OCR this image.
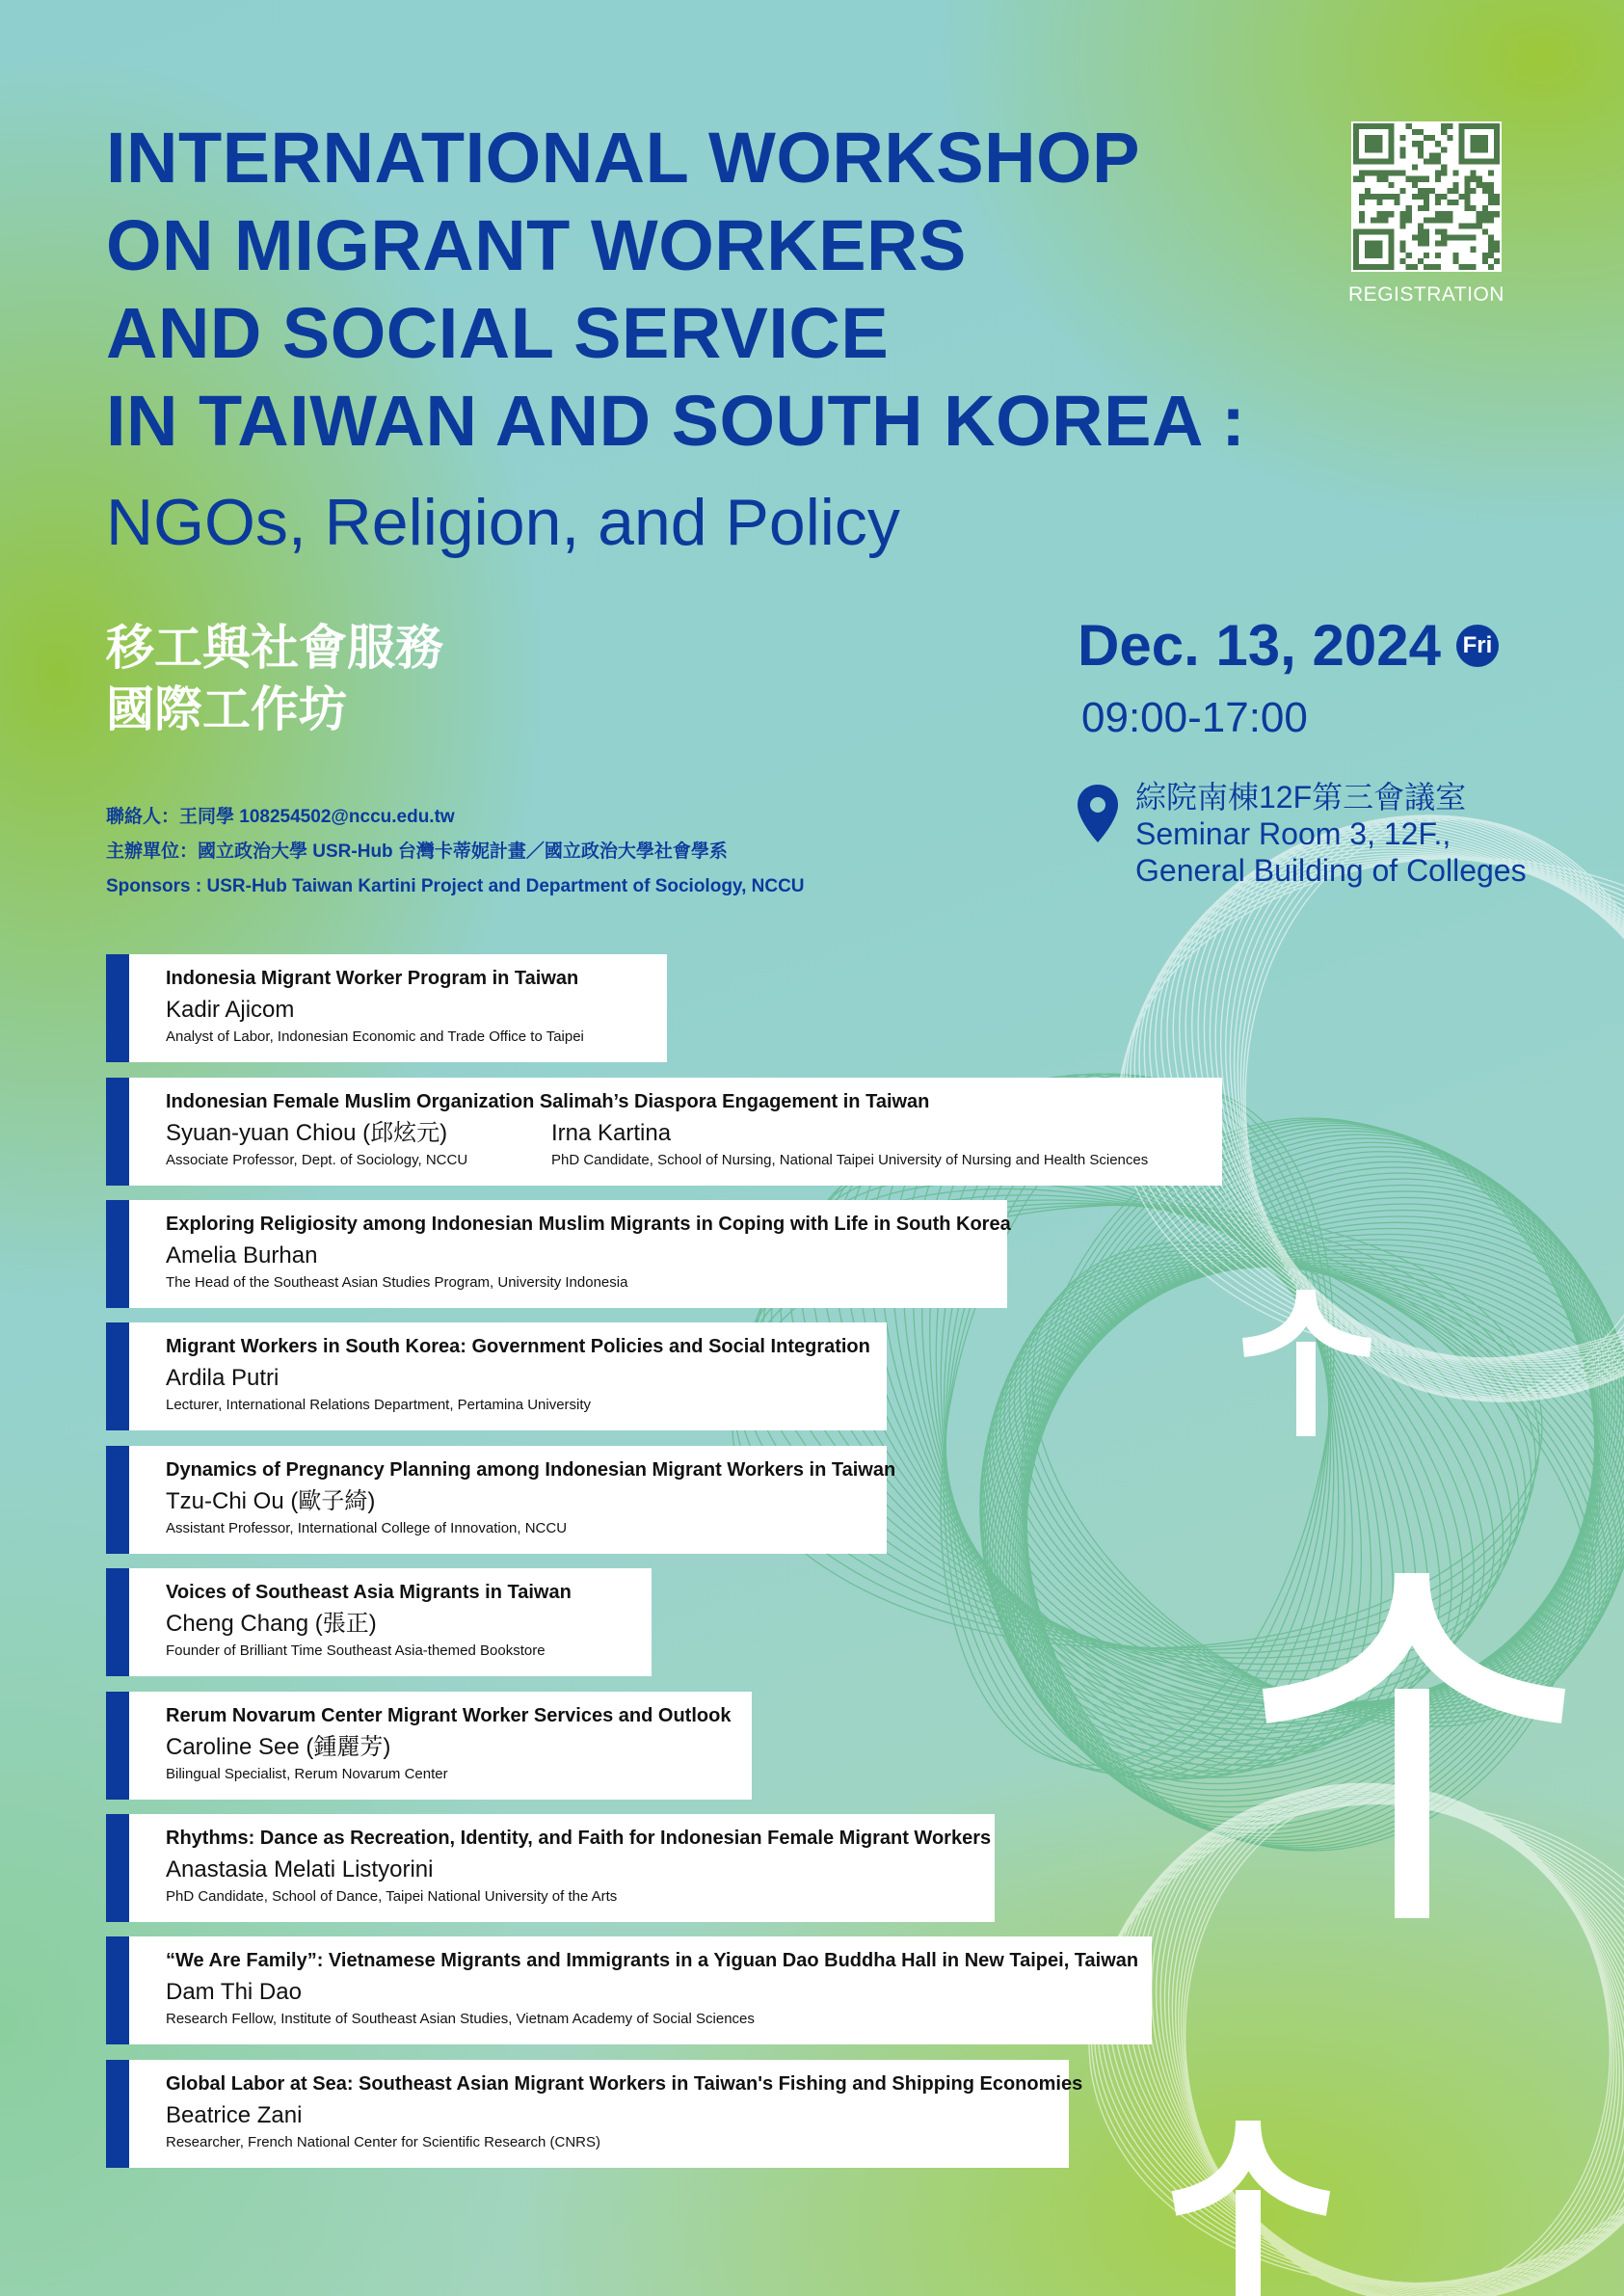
INTERNATIONAL WORKSHOP
ON MIGRANT WORKERS
AND SOCIAL SERVICE
IN TAIWAN AND SOUTH KOREA :
NGOs, Religion, and Policy
移工與社會服務
國際工作坊
REGISTRATION
Dec. 13, 2024 Fri
09:00-17:00
綜院南棟12F第三會議室
Seminar Room 3, 12F.,
General Building of Colleges
聯絡人：王同學 108254502@nccu.edu.tw
主辦單位：國立政治大學 USR-Hub 台灣卡蒂妮計畫／國立政治大學社會學系
Sponsors : USR-Hub Taiwan Kartini Project and Department of Sociology, NCCU
Indonesia Migrant Worker Program in Taiwan
Kadir Ajicom
Analyst of Labor, Indonesian Economic and Trade Office to Taipei
Indonesian Female Muslim Organization Salimah’s Diaspora Engagement in Taiwan
Syuan-yuan Chiou (邱炫元)
Associate Professor, Dept. of Sociology, NCCU
Irna Kartina
PhD Candidate, School of Nursing, National Taipei University of Nursing and Health Sciences
Exploring Religiosity among Indonesian Muslim Migrants in Coping with Life in South Korea
Amelia Burhan
The Head of the Southeast Asian Studies Program, University Indonesia
Migrant Workers in South Korea: Government Policies and Social Integration
Ardila Putri
Lecturer, International Relations Department, Pertamina University
Dynamics of Pregnancy Planning among Indonesian Migrant Workers in Taiwan
Tzu-Chi Ou (歐子綺)
Assistant Professor, International College of Innovation, NCCU
Voices of Southeast Asia Migrants in Taiwan
Cheng Chang (張正)
Founder of Brilliant Time Southeast Asia-themed Bookstore
Rerum Novarum Center Migrant Worker Services and Outlook
Caroline See (鍾麗芳)
Bilingual Specialist, Rerum Novarum Center
Rhythms: Dance as Recreation, Identity, and Faith for Indonesian Female Migrant Workers
Anastasia Melati Listyorini
PhD Candidate, School of Dance, Taipei National University of the Arts
“We Are Family”: Vietnamese Migrants and Immigrants in a Yiguan Dao Buddha Hall in New Taipei, Taiwan
Dam Thi Dao
Research Fellow, Institute of Southeast Asian Studies, Vietnam Academy of Social Sciences
Global Labor at Sea: Southeast Asian Migrant Workers in Taiwan's Fishing and Shipping Economies
Beatrice Zani
Researcher, French National Center for Scientific Research (CNRS)
